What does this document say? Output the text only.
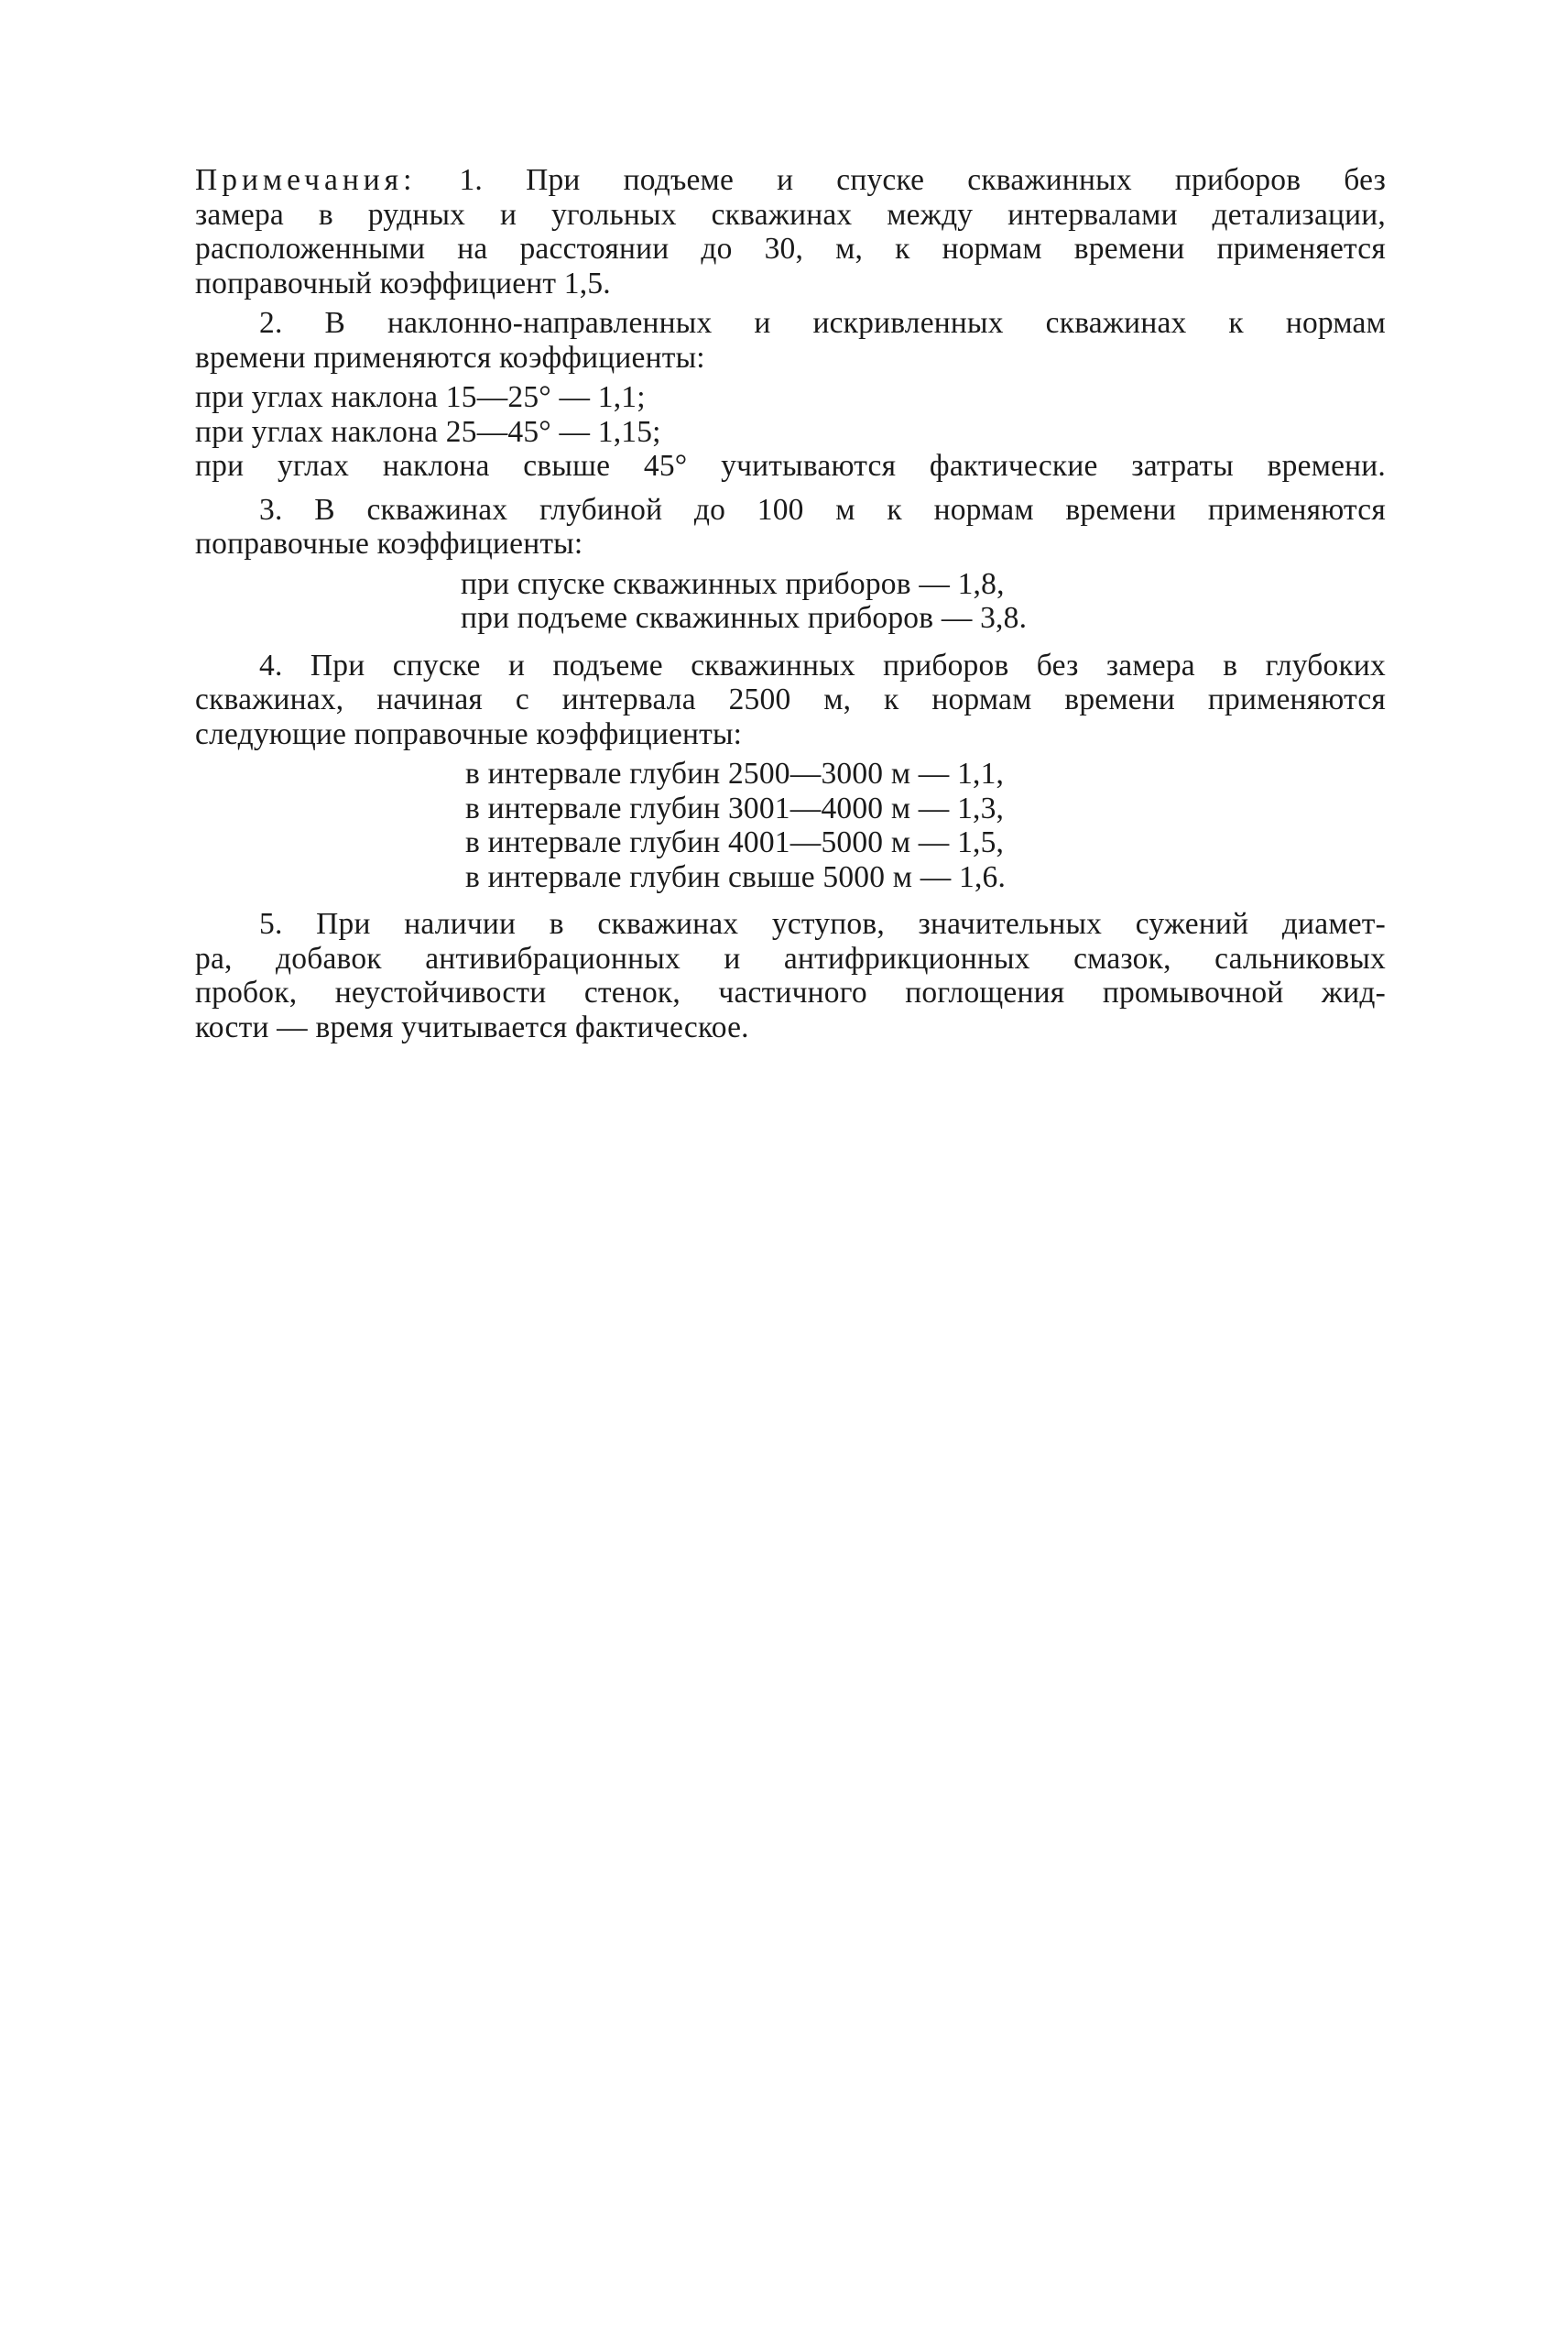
Примечания: 1. При подъеме и спуске скважинных приборов без
замера в рудных и угольных скважинах между интервалами детализации,
расположенными на расстоянии до 30, м, к нормам времени применяется
поправочный коэффициент 1,5.
2. В наклонно-направленных и искривленных скважинах к нормам
времени применяются коэффициенты:
при углах наклона 15—25° — 1,1;
при углах наклона 25—45° — 1,15;
при углах наклона свыше 45° учитываются фактические затраты времени.
3. В скважинах глубиной до 100 м к нормам времени применяются
поправочные коэффициенты:
при спуске скважинных приборов — 1,8,
при подъеме скважинных приборов — 3,8.
4. При спуске и подъеме скважинных приборов без замера в глубоких
скважинах, начиная с интервала 2500 м, к нормам времени применяются
следующие поправочные коэффициенты:
в интервале глубин 2500—3000 м — 1,1,
в интервале глубин 3001—4000 м — 1,3,
в интервале глубин 4001—5000 м — 1,5,
в интервале глубин свыше 5000 м — 1,6.
5. При наличии в скважинах уступов, значительных сужений диамет-
ра, добавок антивибрационных и антифрикционных смазок, сальниковых
пробок, неустойчивости стенок, частичного поглощения промывочной жид-
кости — время учитывается фактическое.
